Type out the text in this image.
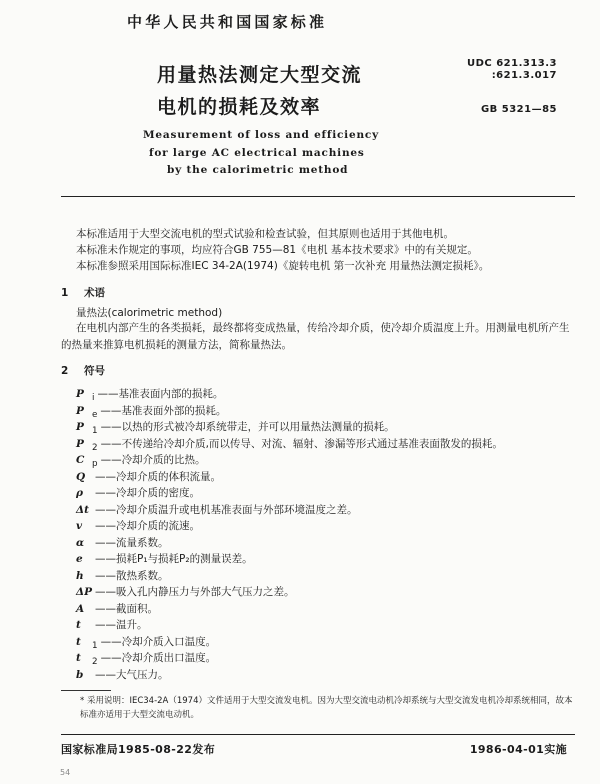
中华人民共和国国家标准
用量热法测定大型交流
电机的损耗及效率
Measurement of loss and efficiency
for large AC electrical machines
by the calorimetric method
UDC 621.313.3
:621.3.017
GB 5321—85
本标准适用于大型交流电机的型式试验和检查试验，但其原则也适用于其他电机。
本标准未作规定的事项，均应符合GB 755—81《电机 基本技术要求》中的有关规定。
本标准参照采用国际标准IEC 34-2A(1974)《旋转电机 第一次补充 用量热法测定损耗》。
1 术语
量热法(calorimetric method)
在电机内部产生的各类损耗，最终都将变成热量，传给冷却介质，使冷却介质温度上升。用测量电机所产生的热量来推算电机损耗的测量方法，简称量热法。
2 符号
P $_i$ ——基准表面内部的损耗。
P $_e$ ——基准表面外部的损耗。
P $_1$ ——以热的形式被冷却系统带走，并可以用量热法测量的损耗。
P $_2$ ——不传递给冷却介质,而以传导、对流、辐射、渗漏等形式通过基准表面散发的损耗。
C $_p$ ——冷却介质的比热。
Q ——冷却介质的体积流量。
ρ ——冷却介质的密度。
Δt ——冷却介质温升或电机基准表面与外部环境温度之差。
v ——冷却介质的流速。
α ——流量系数。
e ——损耗P₁与损耗P₂的测量误差。
h ——散热系数。
ΔP ——吸入孔内静压力与外部大气压力之差。
A ——截面积。
t ——温升。
t $_1$ ——冷却介质入口温度。
t $_2$ ——冷却介质出口温度。
b ——大气压力。
* 采用说明：IEC34-2A（1974）文件适用于大型交流发电机。因为大型交流电动机冷却系统与大型交流发电机冷却系统相同，故本标准亦适用于大型交流电动机。
国家标准局1985-08-22发布	1986-04-01实施
54
